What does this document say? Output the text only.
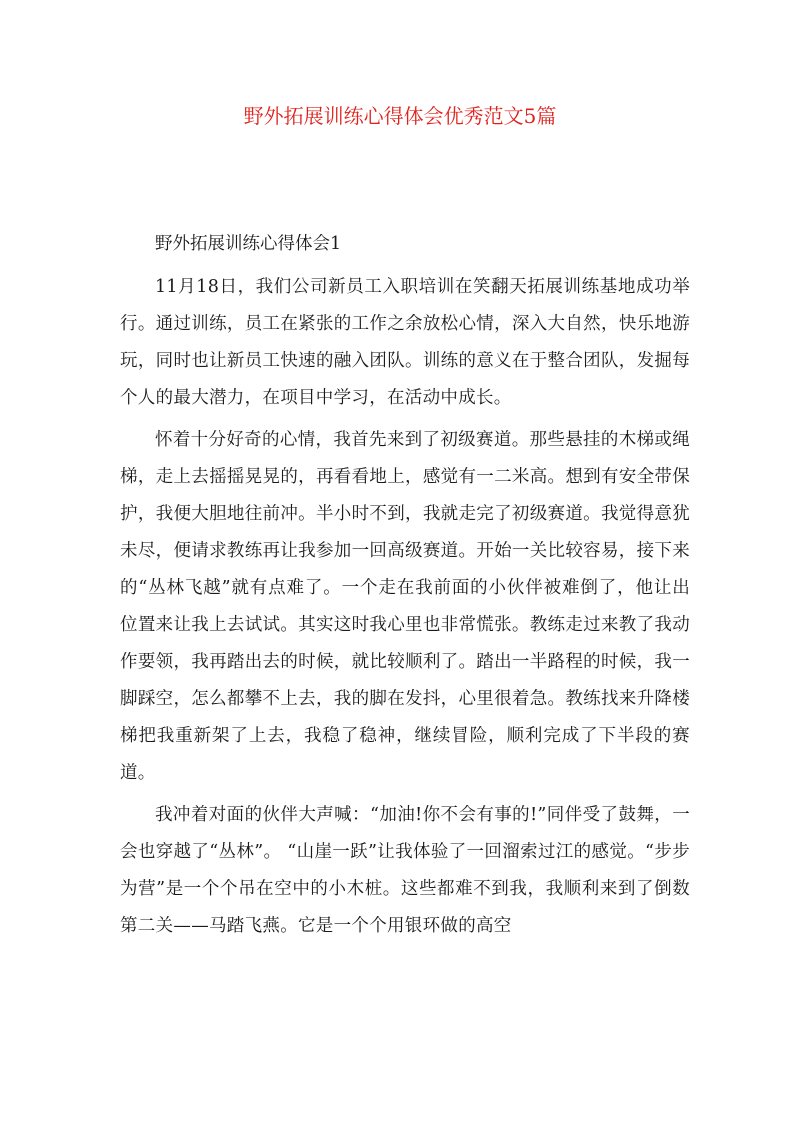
野外拓展训练心得体会优秀范文5篇

野外拓展训练心得体会1

11月18日，我们公司新员工入职培训在笑翻天拓展训练基地成功举行。通过训练，员工在紧张的工作之余放松心情，深入大自然，快乐地游玩，同时也让新员工快速的融入团队。训练的意义在于整合团队，发掘每个人的最大潜力，在项目中学习，在活动中成长。

怀着十分好奇的心情，我首先来到了初级赛道。那些悬挂的木梯或绳梯，走上去摇摇晃晃的，再看看地上，感觉有一二米高。想到有安全带保护，我便大胆地往前冲。半小时不到，我就走完了初级赛道。我觉得意犹未尽，便请求教练再让我参加一回高级赛道。开始一关比较容易，接下来的“丛林飞越”就有点难了。一个走在我前面的小伙伴被难倒了，他让出位置来让我上去试试。其实这时我心里也非常慌张。教练走过来教了我动作要领，我再踏出去的时候，就比较顺利了。踏出一半路程的时候，我一脚踩空，怎么都攀不上去，我的脚在发抖，心里很着急。教练找来升降楼梯把我重新架了上去，我稳了稳神，继续冒险，顺利完成了下半段的赛道。

我冲着对面的伙伴大声喊：“加油!你不会有事的!”同伴受了鼓舞，一会也穿越了“丛林”。 “山崖一跃”让我体验了一回溜索过江的感觉。“步步为营”是一个个吊在空中的小木桩。这些都难不到我，我顺利来到了倒数第二关——马踏飞燕。它是一个个用银环做的高空
